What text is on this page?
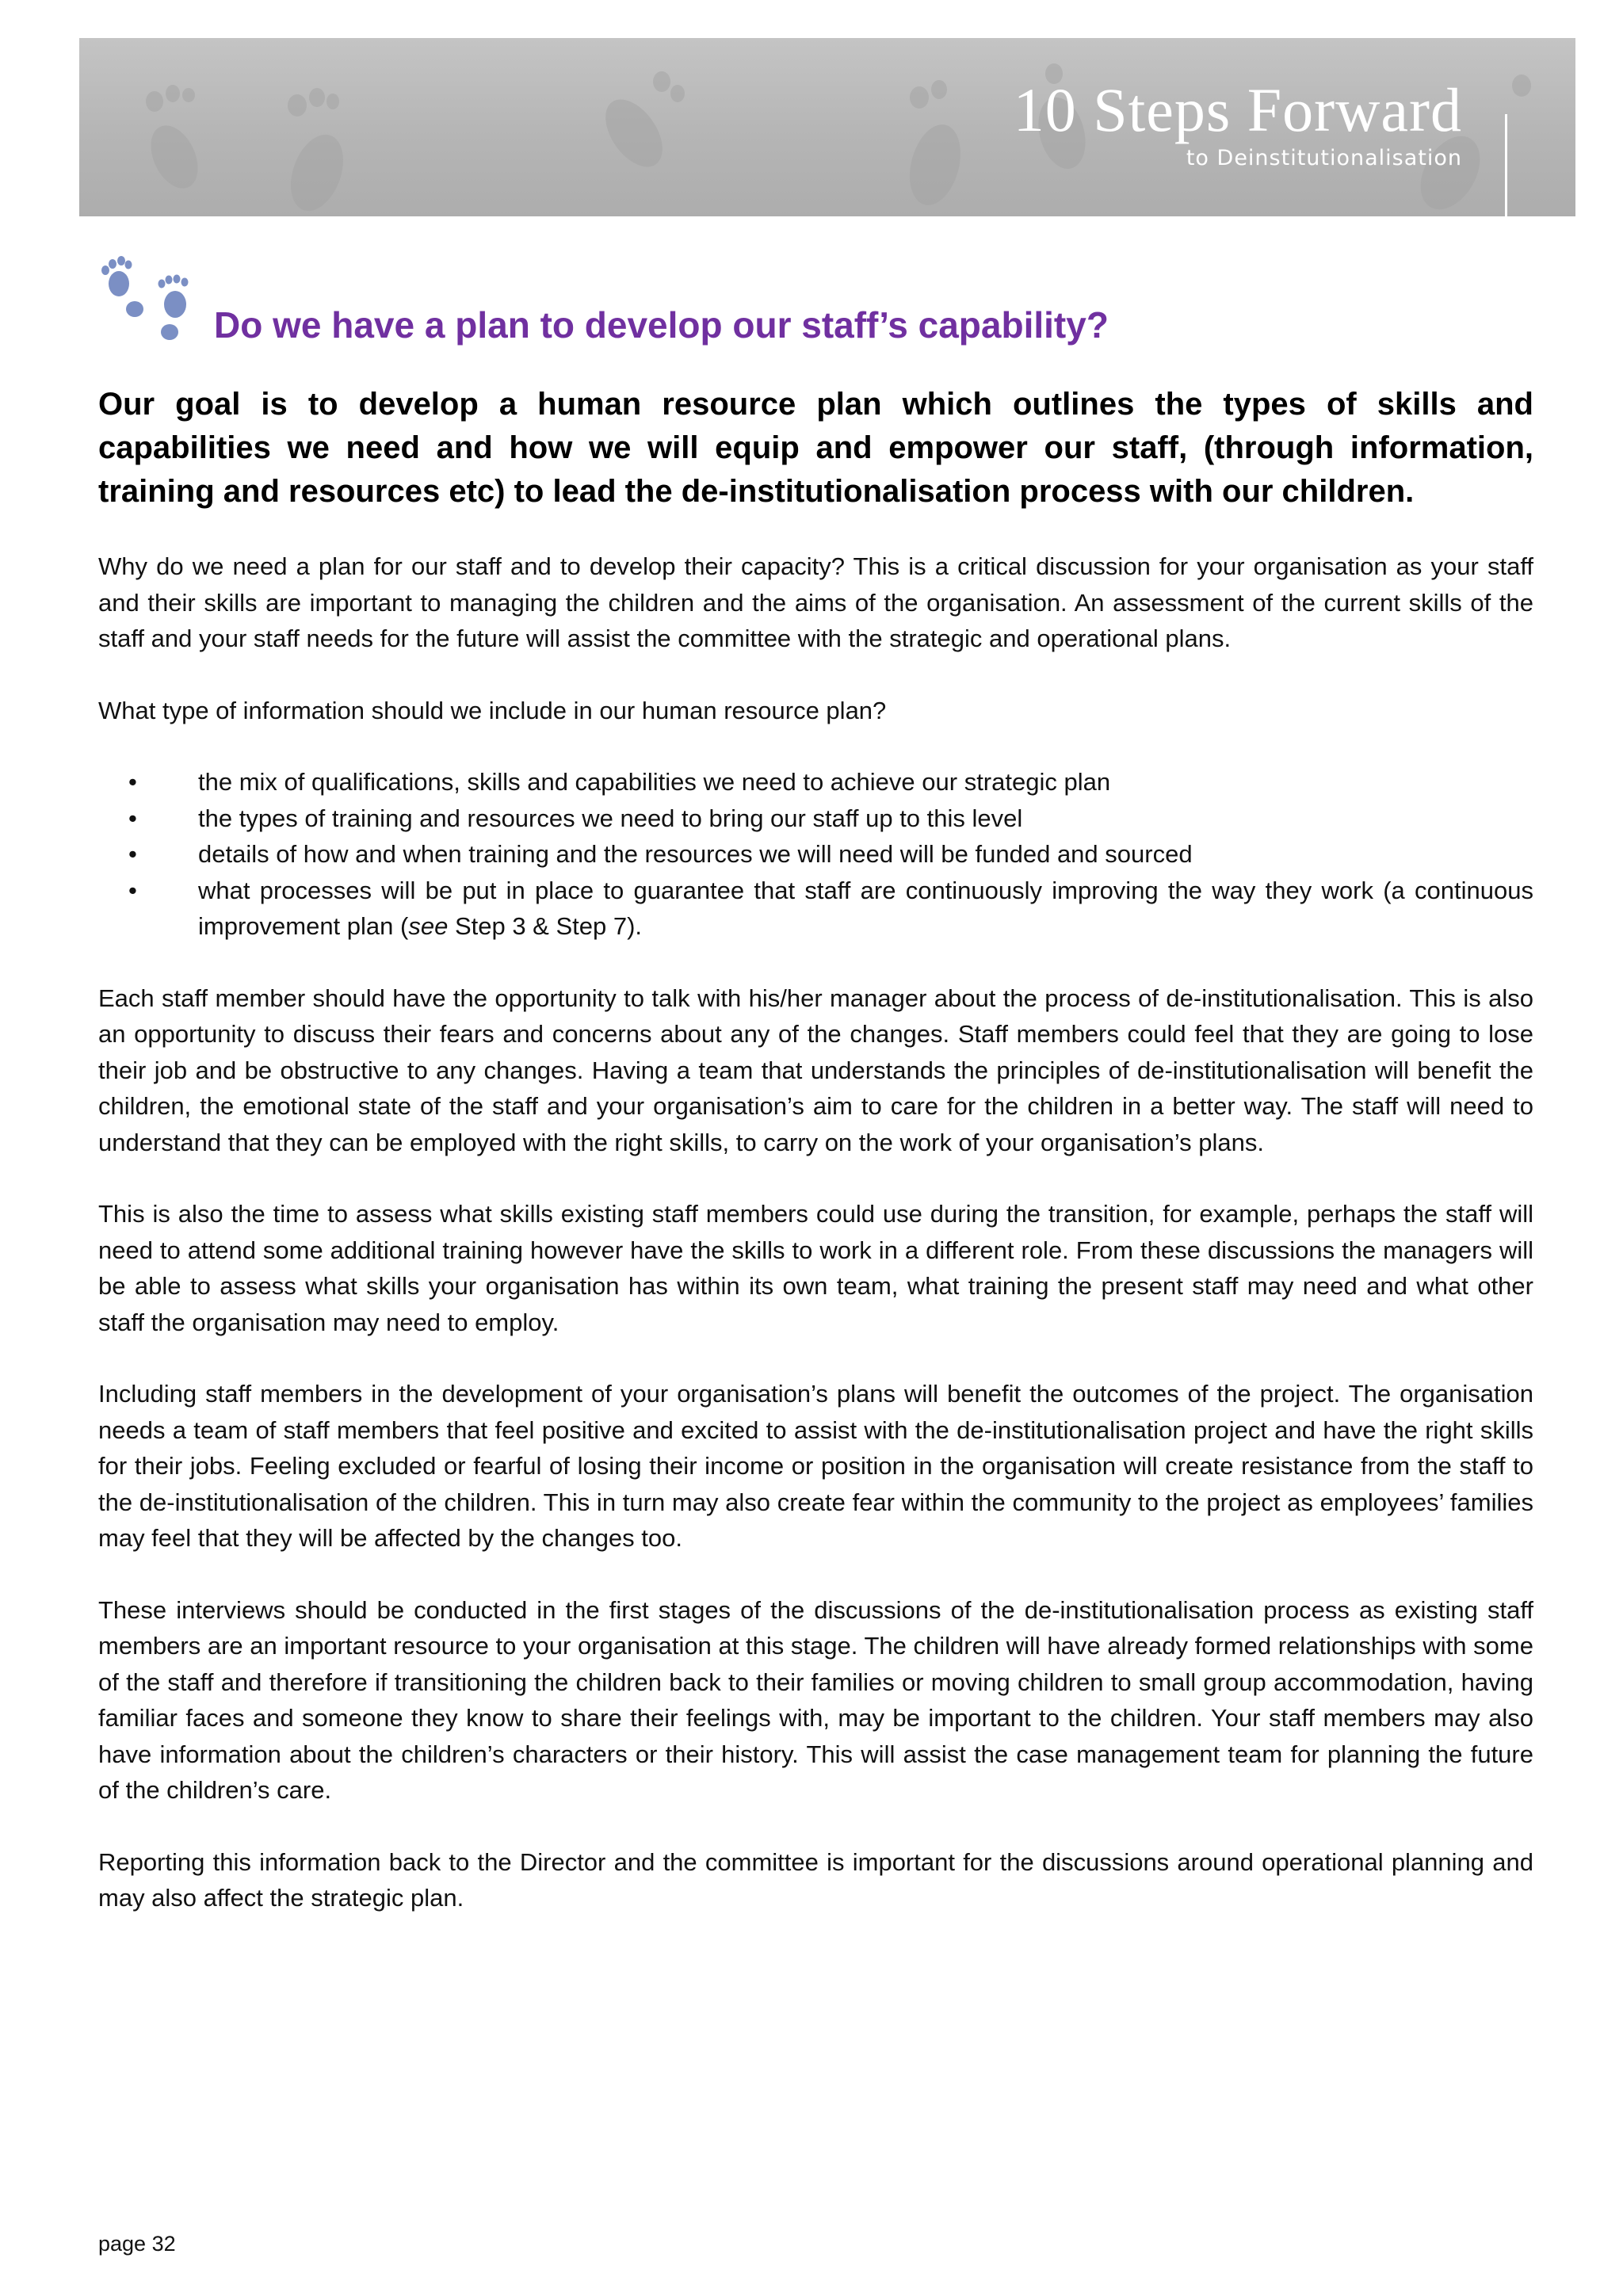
10 Steps Forward
to Deinstitutionalisation
Do we have a plan to develop our staff’s capability?

Our goal is to develop a human resource plan which outlines the types of skills and capabilities we need and how we will equip and empower our staff, (through information, training and resources etc) to lead the de-institutionalisation process with our children.

Why do we need a plan for our staff and to develop their capacity? This is a critical discussion for your organisation as your staff and their skills are important to managing the children and the aims of the organisation. An assessment of the current skills of the staff and your staff needs for the future will assist the committee with the strategic and operational plans.

What type of information should we include in our human resource plan?

• the mix of qualifications, skills and capabilities we need to achieve our strategic plan
• the types of training and resources we need to bring our staff up to this level
• details of how and when training and the resources we will need will be funded and sourced
• what processes will be put in place to guarantee that staff are continuously improving the way they work (a continuous improvement plan (see Step 3 & Step 7).

Each staff member should have the opportunity to talk with his/her manager about the process of de-institutionalisation. This is also an opportunity to discuss their fears and concerns about any of the changes. Staff members could feel that they are going to lose their job and be obstructive to any changes. Having a team that understands the principles of de-institutionalisation will benefit the children, the emotional state of the staff and your organisation’s aim to care for the children in a better way. The staff will need to understand that they can be employed with the right skills, to carry on the work of your organisation’s plans.

This is also the time to assess what skills existing staff members could use during the transition, for example, perhaps the staff will need to attend some additional training however have the skills to work in a different role. From these discussions the managers will be able to assess what skills your organisation has within its own team, what training the present staff may need and what other staff the organisation may need to employ.

Including staff members in the development of your organisation’s plans will benefit the outcomes of the project. The organisation needs a team of staff members that feel positive and excited to assist with the de-institutionalisation project and have the right skills for their jobs. Feeling excluded or fearful of losing their income or position in the organisation will create resistance from the staff to the de-institutionalisation of the children. This in turn may also create fear within the community to the project as employees’ families may feel that they will be affected by the changes too.

These interviews should be conducted in the first stages of the discussions of the de-institutionalisation process as existing staff members are an important resource to your organisation at this stage. The children will have already formed relationships with some of the staff and therefore if transitioning the children back to their families or moving children to small group accommodation, having familiar faces and someone they know to share their feelings with, may be important to the children. Your staff members may also have information about the children’s characters or their history. This will assist the case management team for planning the future of the children’s care.

Reporting this information back to the Director and the committee is important for the discussions around operational planning and may also affect the strategic plan.

page 32
